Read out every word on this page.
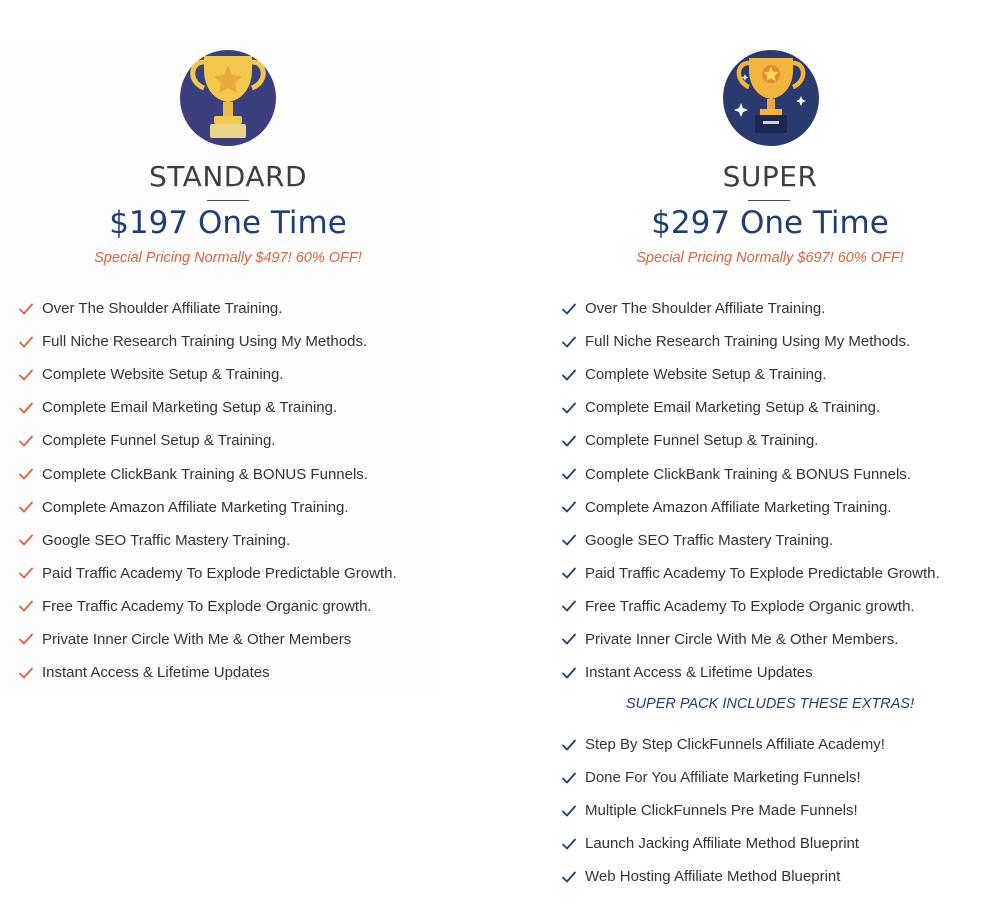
STANDARD
$197 One Time
Special Pricing Normally $497! 60% OFF!
Over The Shoulder Affiliate Training.
Full Niche Research Training Using My Methods.
Complete Website Setup & Training.
Complete Email Marketing Setup & Training.
Complete Funnel Setup & Training.
Complete ClickBank Training & BONUS Funnels.
Complete Amazon Affiliate Marketing Training.
Google SEO Traffic Mastery Training.
Paid Traffic Academy To Explode Predictable Growth.
Free Traffic Academy To Explode Organic growth.
Private Inner Circle With Me & Other Members
Instant Access & Lifetime Updates
SUPER
$297 One Time
Special Pricing Normally $697! 60% OFF!
Over The Shoulder Affiliate Training.
Full Niche Research Training Using My Methods.
Complete Website Setup & Training.
Complete Email Marketing Setup & Training.
Complete Funnel Setup & Training.
Complete ClickBank Training & BONUS Funnels.
Complete Amazon Affiliate Marketing Training.
Google SEO Traffic Mastery Training.
Paid Traffic Academy To Explode Predictable Growth.
Free Traffic Academy To Explode Organic growth.
Private Inner Circle With Me & Other Members.
Instant Access & Lifetime Updates
SUPER PACK INCLUDES THESE EXTRAS!
Step By Step ClickFunnels Affiliate Academy!
Done For You Affiliate Marketing Funnels!
Multiple ClickFunnels Pre Made Funnels!
Launch Jacking Affiliate Method Blueprint
Web Hosting Affiliate Method Blueprint
